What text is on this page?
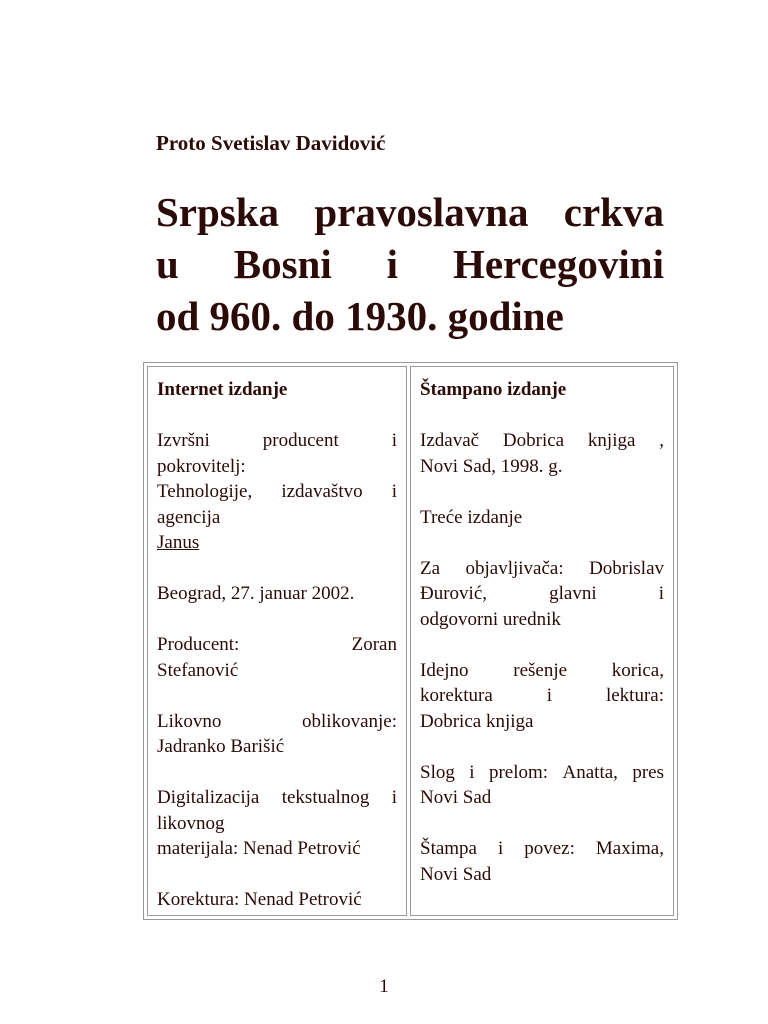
Proto Svetislav Davidović
Srpska pravoslavna crkva
u Bosni i Hercegovini
od 960. do 1930. godine
Internet izdanje
Izvršni	producent	i
pokrovitelj:
Tehnologije, izdavaštvo i
agencija
Janus
Beograd, 27. januar 2002.
Producent:	Zoran
Stefanović
Likovno	oblikovanje:
Jadranko Barišić
Digitalizacija tekstualnog i
likovnog
materijala: Nenad Petrović
Korektura: Nenad Petrović
Štampano izdanje
Izdavač Dobrica knjiga ,
Novi Sad, 1998. g.
Treće izdanje
Za objavljivača: Dobrislav
Đurović,	glavni	i
odgovorni urednik
Idejno rešenje korica,
korektura	i	lektura:
Dobrica knjiga
Slog i prelom: Anatta, pres
Novi Sad
Štampa i povez: Maxima,
Novi Sad
1
